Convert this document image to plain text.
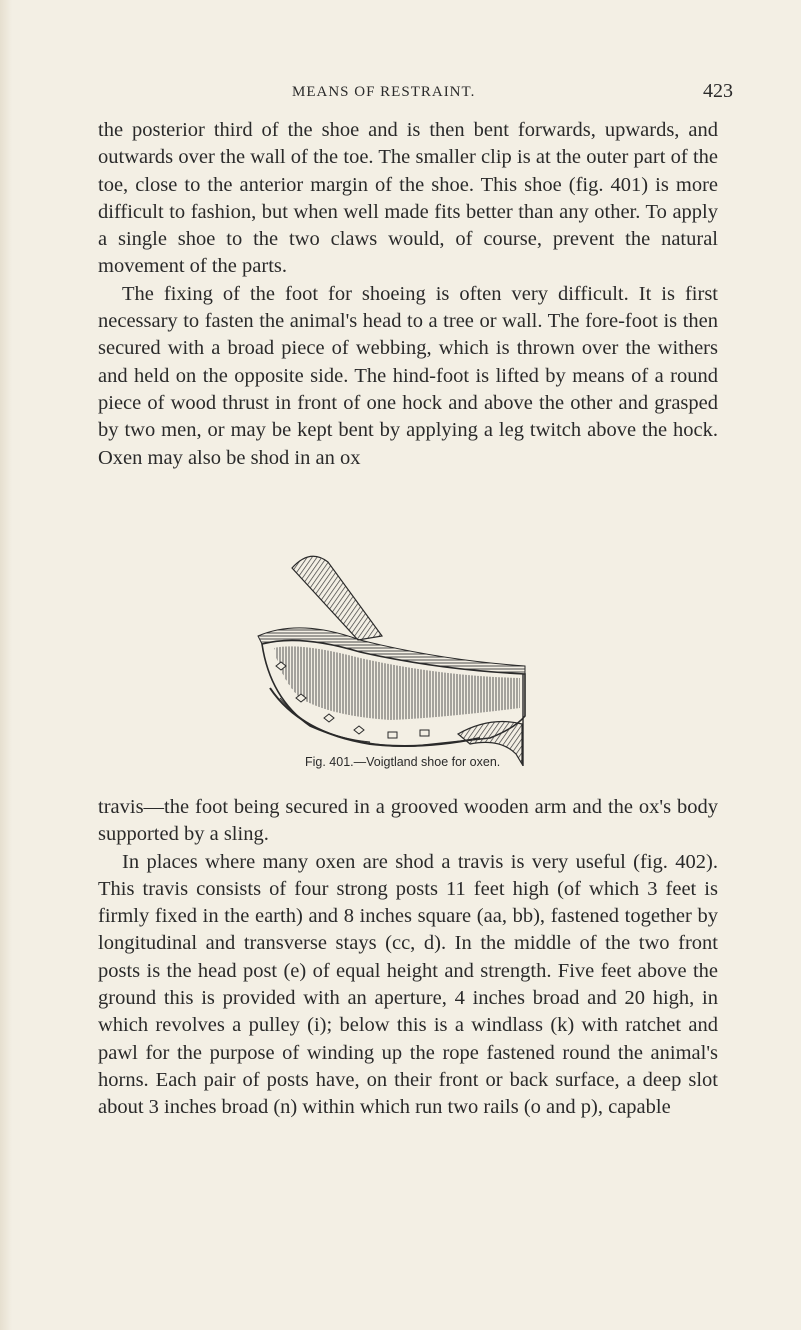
MEANS OF RESTRAINT.	423

the posterior third of the shoe and is then bent forwards, upwards, and outwards over the wall of the toe. The smaller clip is at the outer part of the toe, close to the anterior margin of the shoe. This shoe (fig. 401) is more difficult to fashion, but when well made fits better than any other. To apply a single shoe to the two claws would, of course, prevent the natural movement of the parts.

The fixing of the foot for shoeing is often very difficult. It is first necessary to fasten the animal's head to a tree or wall. The fore-foot is then secured with a broad piece of webbing, which is thrown over the withers and held on the opposite side. The hind-foot is lifted by means of a round piece of wood thrust in front of one hock and above the other and grasped by two men, or may be kept bent by applying a leg twitch above the hock. Oxen may also be shod in an ox

Fig. 401.—Voigtland shoe for oxen.

travis—the foot being secured in a grooved wooden arm and the ox's body supported by a sling.

In places where many oxen are shod a travis is very useful (fig. 402). This travis consists of four strong posts 11 feet high (of which 3 feet is firmly fixed in the earth) and 8 inches square (aa, bb), fastened together by longitudinal and transverse stays (cc, d). In the middle of the two front posts is the head post (e) of equal height and strength. Five feet above the ground this is provided with an aperture, 4 inches broad and 20 high, in which revolves a pulley (i); below this is a windlass (k) with ratchet and pawl for the purpose of winding up the rope fastened round the animal's horns. Each pair of posts have, on their front or back surface, a deep slot about 3 inches broad (n) within which run two rails (o and p), capable
